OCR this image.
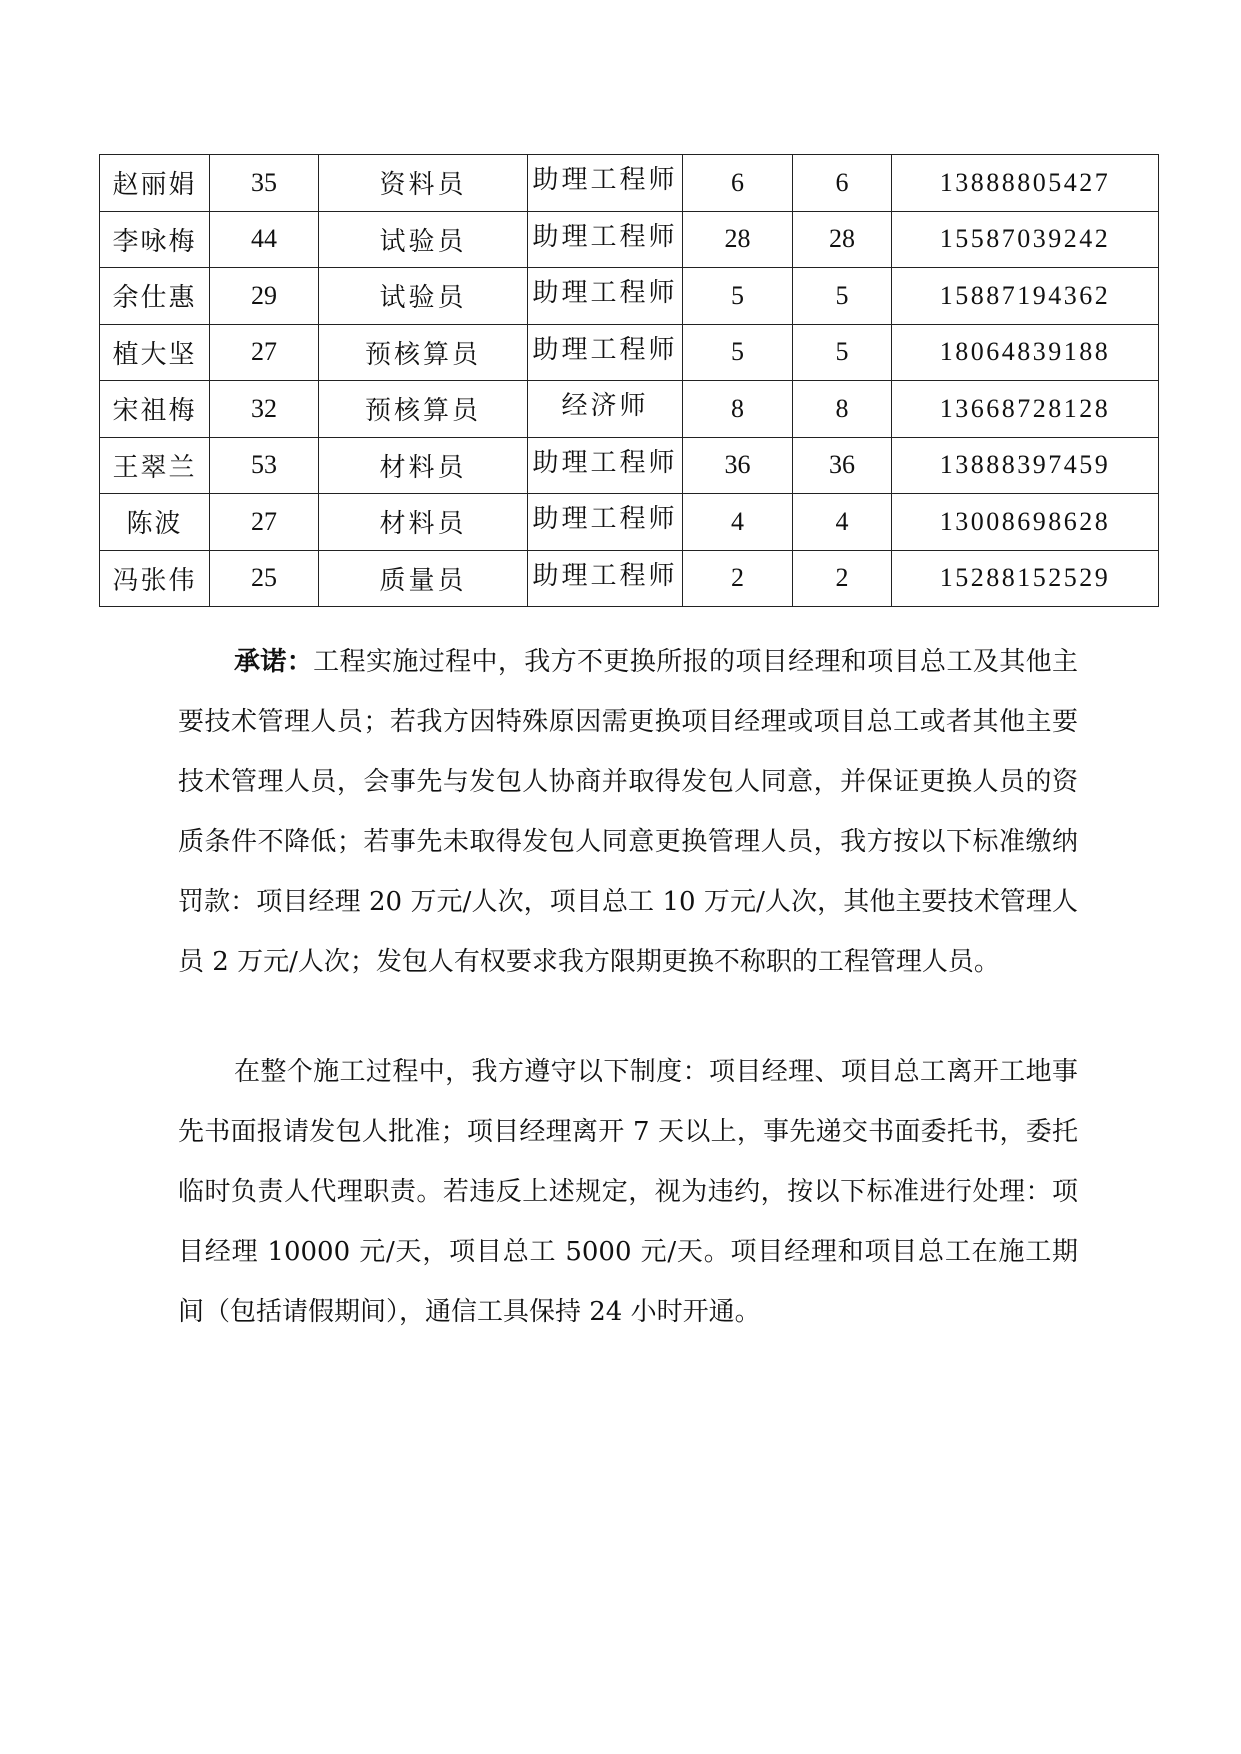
赵丽娟	35	资料员	助理工程师	6	6	13888805427
李咏梅	44	试验员	助理工程师	28	28	15587039242
余仕惠	29	试验员	助理工程师	5	5	15887194362
植大坚	27	预核算员	助理工程师	5	5	18064839188
宋祖梅	32	预核算员	经济师	8	8	13668728128
王翠兰	53	材料员	助理工程师	36	36	13888397459
陈波	27	材料员	助理工程师	4	4	13008698628
冯张伟	25	质量员	助理工程师	2	2	15288152529

承诺：工程实施过程中，我方不更换所报的项目经理和项目总工及其他主要技术管理人员；若我方因特殊原因需更换项目经理或项目总工或者其他主要技术管理人员，会事先与发包人协商并取得发包人同意，并保证更换人员的资质条件不降低；若事先未取得发包人同意更换管理人员，我方按以下标准缴纳罚款：项目经理 20 万元/人次，项目总工 10 万元/人次，其他主要技术管理人员 2 万元/人次；发包人有权要求我方限期更换不称职的工程管理人员。

在整个施工过程中，我方遵守以下制度：项目经理、项目总工离开工地事先书面报请发包人批准；项目经理离开 7 天以上，事先递交书面委托书，委托临时负责人代理职责。若违反上述规定，视为违约，按以下标准进行处理：项目经理 10000 元/天，项目总工 5000 元/天。项目经理和项目总工在施工期间（包括请假期间），通信工具保持 24 小时开通。
